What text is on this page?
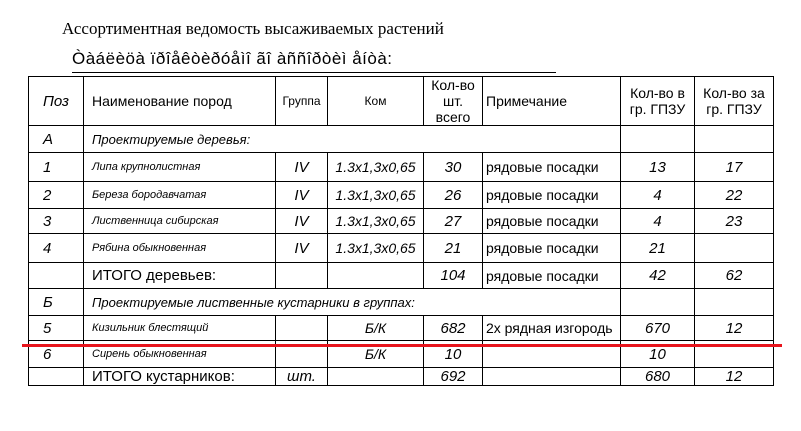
Ассортиментная ведомость высаживаемых растений
Òàáëèöà ïðîåêòèðóåìî ãî àññîðòèì åíòà:
Поз	Наименование пород	Группа	Ком	Кол-во шт. всего	Примечание	Кол-во в гр. ГПЗУ	Кол-во за гр. ГПЗУ
А	Проектируемые деревья:						
1	Липа крупнолистная	IV	1.3х1,3х0,65	30	рядовые посадки	13	17
2	Береза бородавчатая	IV	1.3х1,3х0,65	26	рядовые посадки	4	22
3	Лиственница сибирская	IV	1.3х1,3х0,65	27	рядовые посадки	4	23
4	Рябина обыкновенная	IV	1.3х1,3х0,65	21	рядовые посадки	21	
	ИТОГО деревьев:			104	рядовые посадки	42	62
Б	Проектируемые лиственные кустарники в группах:						
5	Кизильник блестящий		Б/К	682	2х рядная изгородь	670	12
6	Сирень обыкновенная		Б/К	10		10	
	ИТОГО кустарников:	шт.		692		680	12
